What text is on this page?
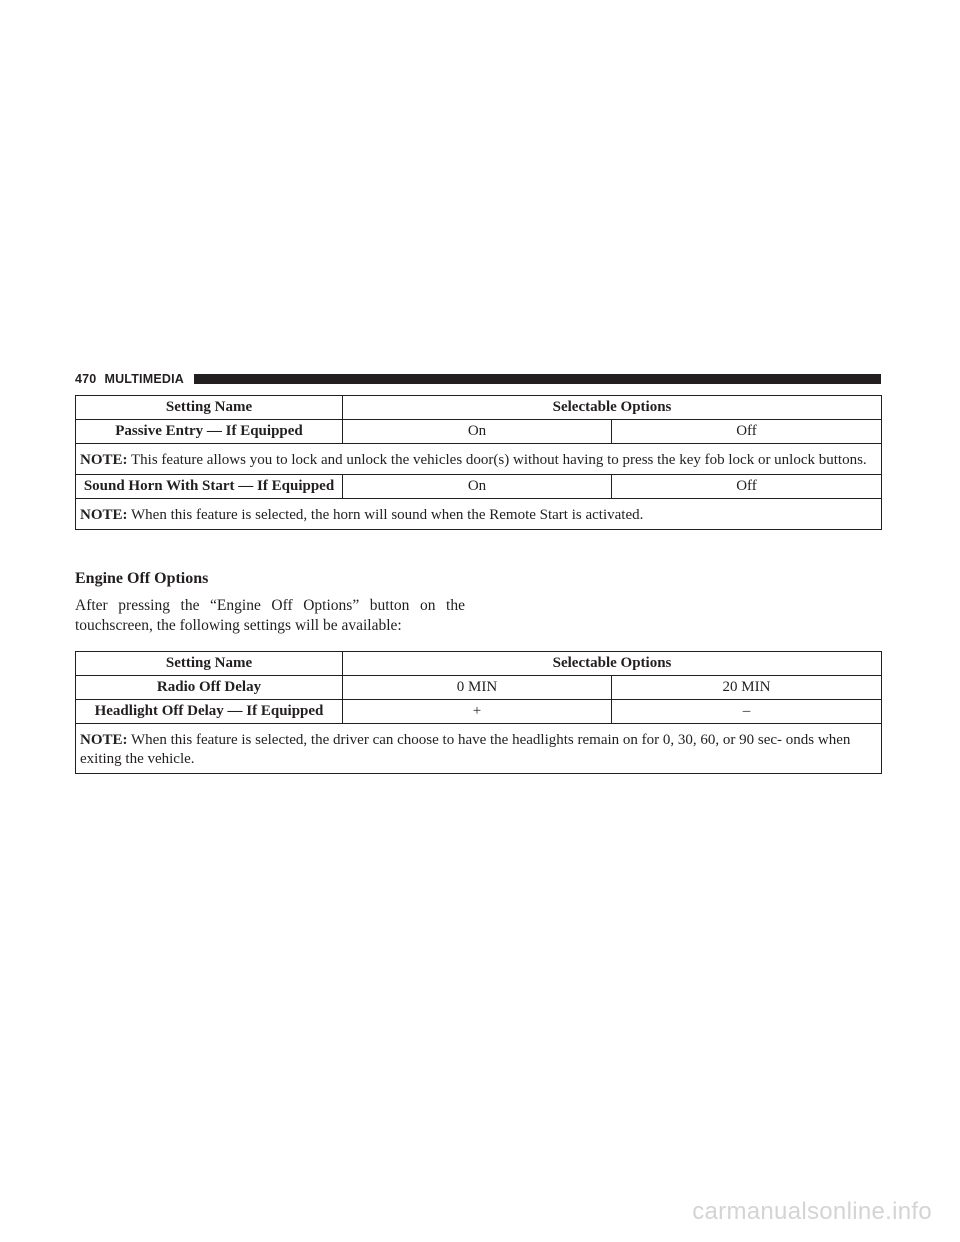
470 MULTIMEDIA
Setting Name	Selectable Options	
Passive Entry — If Equipped	On	Off
NOTE: This feature allows you to lock and unlock the vehicles door(s) without having to press the key fob lock or unlock buttons.		
Sound Horn With Start — If Equipped	On	Off
NOTE: When this feature is selected, the horn will sound when the Remote Start is activated.		
Engine Off Options

After pressing the “Engine Off Options” button on the touchscreen, the following settings will be available:

Setting Name	Selectable Options	
Radio Off Delay	0 MIN	20 MIN
Headlight Off Delay — If Equipped	+	–
NOTE: When this feature is selected, the driver can choose to have the headlights remain on for 0, 30, 60, or 90 sec- onds when exiting the vehicle.		
carmanualsonline.info
